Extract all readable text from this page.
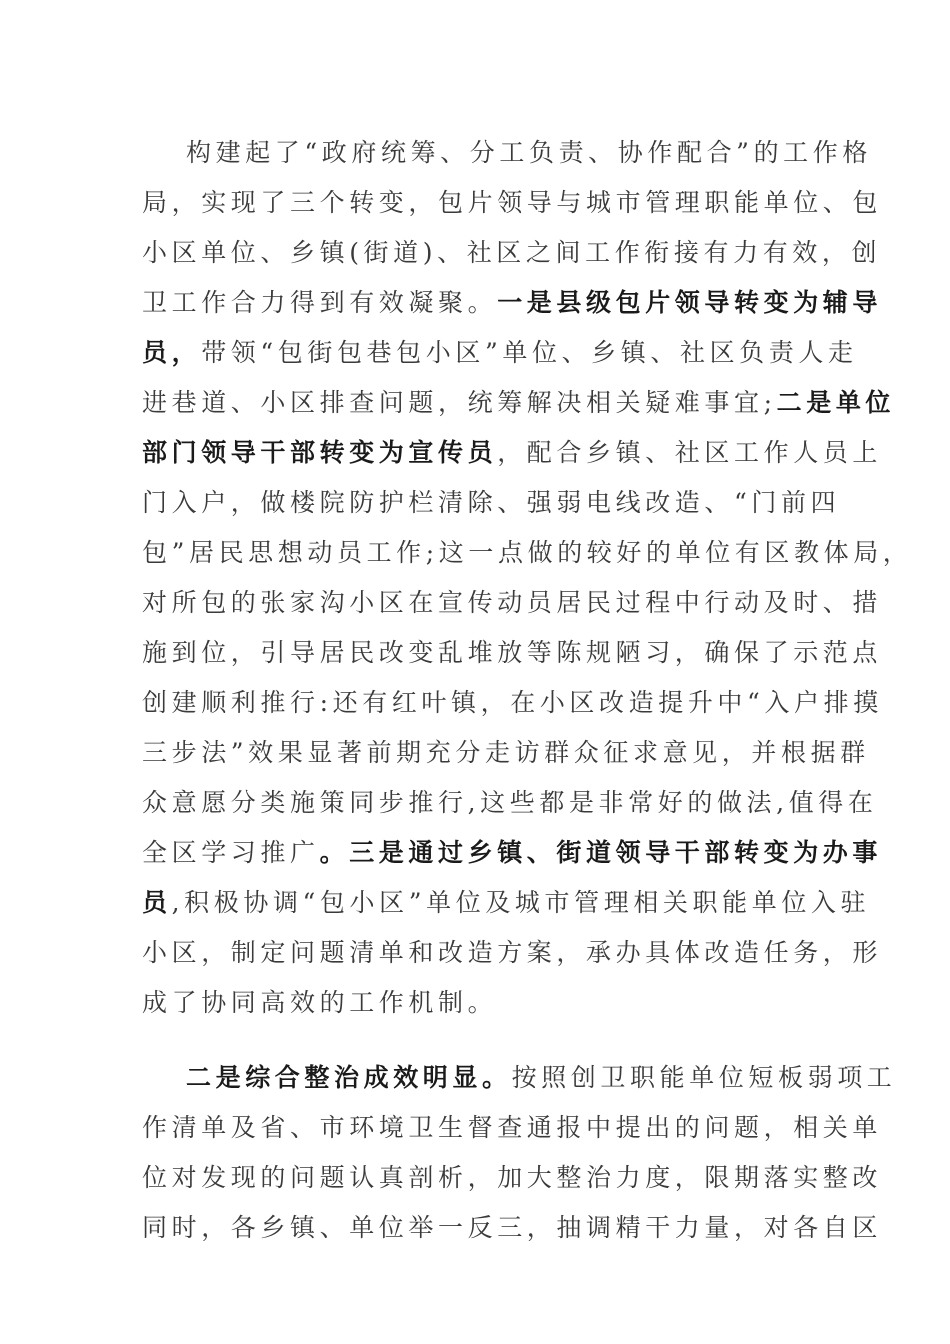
构建起了“政府统筹、分工负责、协作配合”的工作格
局，实现了三个转变，包片领导与城市管理职能单位、包
小区单位、乡镇(街道)、社区之间工作衔接有力有效，创
卫工作合力得到有效凝聚。一是县级包片领导转变为辅导
员，带领“包街包巷包小区”单位、乡镇、社区负责人走
进巷道、小区排查问题，统筹解决相关疑难事宜;二是单位
部门领导干部转变为宣传员，配合乡镇、社区工作人员上
门入户，做楼院防护栏清除、强弱电线改造、“门前四
包”居民思想动员工作;这一点做的较好的单位有区教体局，
对所包的张家沟小区在宣传动员居民过程中行动及时、措
施到位，引导居民改变乱堆放等陈规陋习，确保了示范点
创建顺利推行:还有红叶镇，在小区改造提升中“入户排摸
三步法”效果显著前期充分走访群众征求意见，并根据群
众意愿分类施策同步推行,这些都是非常好的做法,值得在
全区学习推广。三是通过乡镇、街道领导干部转变为办事
员,积极协调“包小区”单位及城市管理相关职能单位入驻
小区，制定问题清单和改造方案，承办具体改造任务，形
成了协同高效的工作机制。
二是综合整治成效明显。按照创卫职能单位短板弱项工
作清单及省、市环境卫生督查通报中提出的问题，相关单
位对发现的问题认真剖析，加大整治力度，限期落实整改
同时，各乡镇、单位举一反三，抽调精干力量，对各自区
